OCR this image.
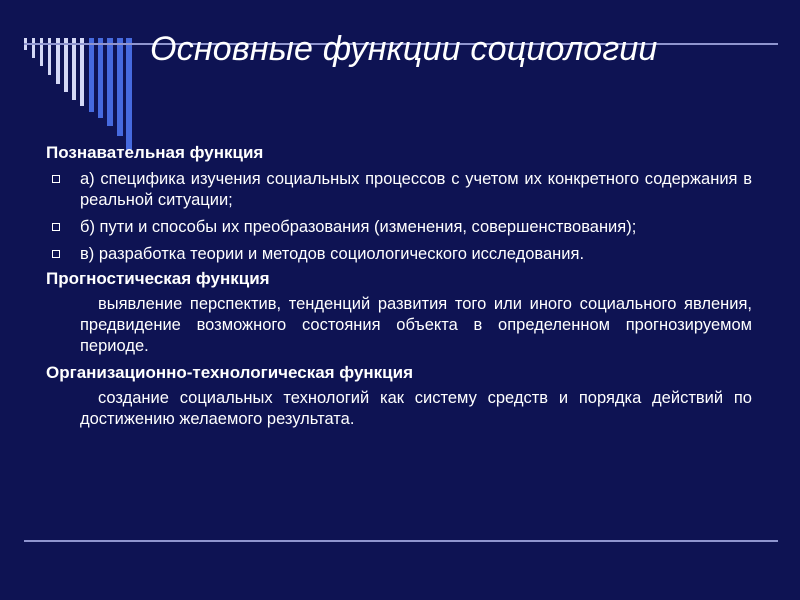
Основные функции социологии
Познавательная функция
а) специфика изучения социальных процессов с учетом их конкретного содержания в реальной ситуации;
б) пути и способы их преобразования (изменения, совершенствования);
в) разработка теории и методов социологического исследования.
Прогностическая функция

выявление перспектив, тенденций развития того или иного социального явления, предвидение возможного состояния объекта в определенном прогнозируемом периоде.

Организационно-технологическая функция

создание социальных технологий как систему средств и порядка действий по достижению желаемого результата.
